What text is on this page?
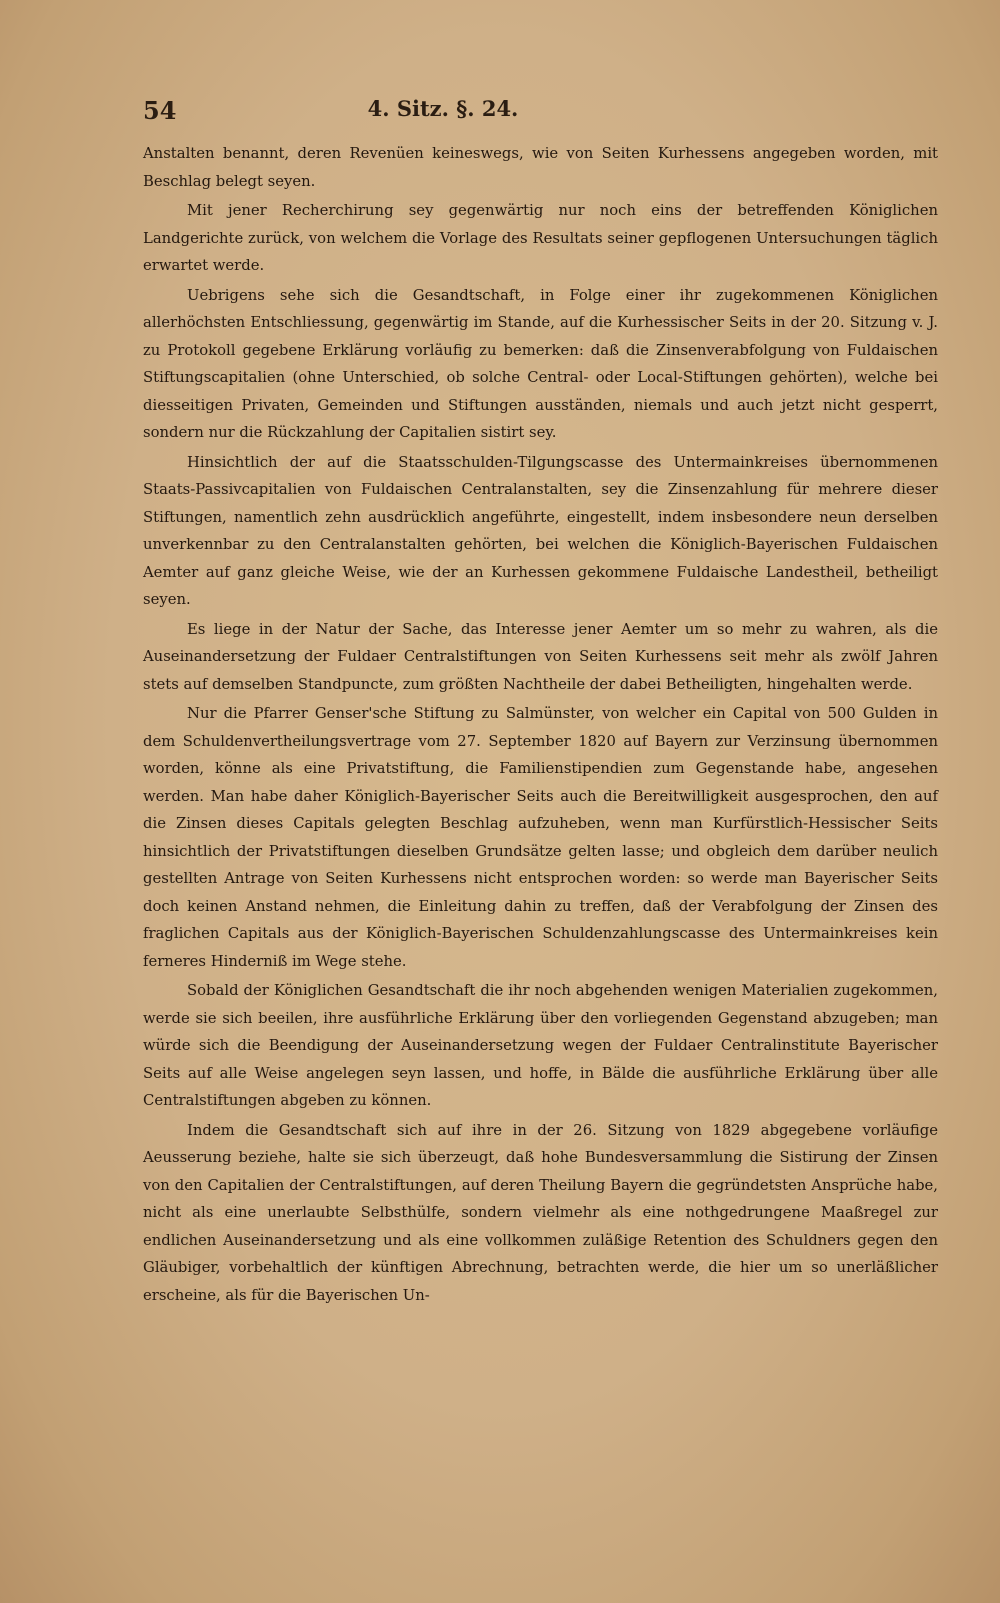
54	4. Sitz. §. 24.

Anstalten benannt, deren Revenüen keineswegs, wie von Seiten Kurhessens angegeben worden, mit Beschlag belegt seyen.

Mit jener Recherchirung sey gegenwärtig nur noch eins der betreffenden Königlichen Landgerichte zurück, von welchem die Vorlage des Resultats seiner gepflogenen Untersuchungen täglich erwartet werde.

Uebrigens sehe sich die Gesandtschaft, in Folge einer ihr zugekommenen Königlichen allerhöchsten Entschliessung, gegenwärtig im Stande, auf die Kurhessischer Seits in der 20. Sitzung v. J. zu Protokoll gegebene Erklärung vorläufig zu bemerken: daß die Zinsenverabfolgung von Fuldaischen Stiftungscapitalien (ohne Unterschied, ob solche Central- oder Local-Stiftungen gehörten), welche bei diesseitigen Privaten, Gemeinden und Stiftungen ausständen, niemals und auch jetzt nicht gesperrt, sondern nur die Rückzahlung der Capitalien sistirt sey.

Hinsichtlich der auf die Staatsschulden-Tilgungscasse des Untermainkreises übernommenen Staats-Passivcapitalien von Fuldaischen Centralanstalten, sey die Zinsenzahlung für mehrere dieser Stiftungen, namentlich zehn ausdrücklich angeführte, eingestellt, indem insbesondere neun derselben unverkennbar zu den Centralanstalten gehörten, bei welchen die Königlich-Bayerischen Fuldaischen Aemter auf ganz gleiche Weise, wie der an Kurhessen gekommene Fuldaische Landestheil, betheiligt seyen.

Es liege in der Natur der Sache, das Interesse jener Aemter um so mehr zu wahren, als die Auseinandersetzung der Fuldaer Centralstiftungen von Seiten Kurhessens seit mehr als zwölf Jahren stets auf demselben Standpuncte, zum größten Nachtheile der dabei Betheiligten, hingehalten werde.

Nur die Pfarrer Genser'sche Stiftung zu Salmünster, von welcher ein Capital von 500 Gulden in dem Schuldenvertheilungsvertrage vom 27. September 1820 auf Bayern zur Verzinsung übernommen worden, könne als eine Privatstiftung, die Familienstipendien zum Gegenstande habe, angesehen werden. Man habe daher Königlich-Bayerischer Seits auch die Bereitwilligkeit ausgesprochen, den auf die Zinsen dieses Capitals gelegten Beschlag aufzuheben, wenn man Kurfürstlich-Hessischer Seits hinsichtlich der Privatstiftungen dieselben Grundsätze gelten lasse; und obgleich dem darüber neulich gestellten Antrage von Seiten Kurhessens nicht entsprochen worden: so werde man Bayerischer Seits doch keinen Anstand nehmen, die Einleitung dahin zu treffen, daß der Verabfolgung der Zinsen des fraglichen Capitals aus der Königlich-Bayerischen Schuldenzahlungscasse des Untermainkreises kein ferneres Hinderniß im Wege stehe.

Sobald der Königlichen Gesandtschaft die ihr noch abgehenden wenigen Materialien zugekommen, werde sie sich beeilen, ihre ausführliche Erklärung über den vorliegenden Gegenstand abzugeben; man würde sich die Beendigung der Auseinandersetzung wegen der Fuldaer Centralinstitute Bayerischer Seits auf alle Weise angelegen seyn lassen, und hoffe, in Bälde die ausführliche Erklärung über alle Centralstiftungen abgeben zu können.

Indem die Gesandtschaft sich auf ihre in der 26. Sitzung von 1829 abgegebene vorläufige Aeusserung beziehe, halte sie sich überzeugt, daß hohe Bundesversammlung die Sistirung der Zinsen von den Capitalien der Centralstiftungen, auf deren Theilung Bayern die gegründetsten Ansprüche habe, nicht als eine unerlaubte Selbsthülfe, sondern vielmehr als eine nothgedrungene Maaßregel zur endlichen Auseinandersetzung und als eine vollkommen zuläßige Retention des Schuldners gegen den Gläubiger, vorbehaltlich der künftigen Abrechnung, betrachten werde, die hier um so unerläßlicher erscheine, als für die Bayerischen Un-
